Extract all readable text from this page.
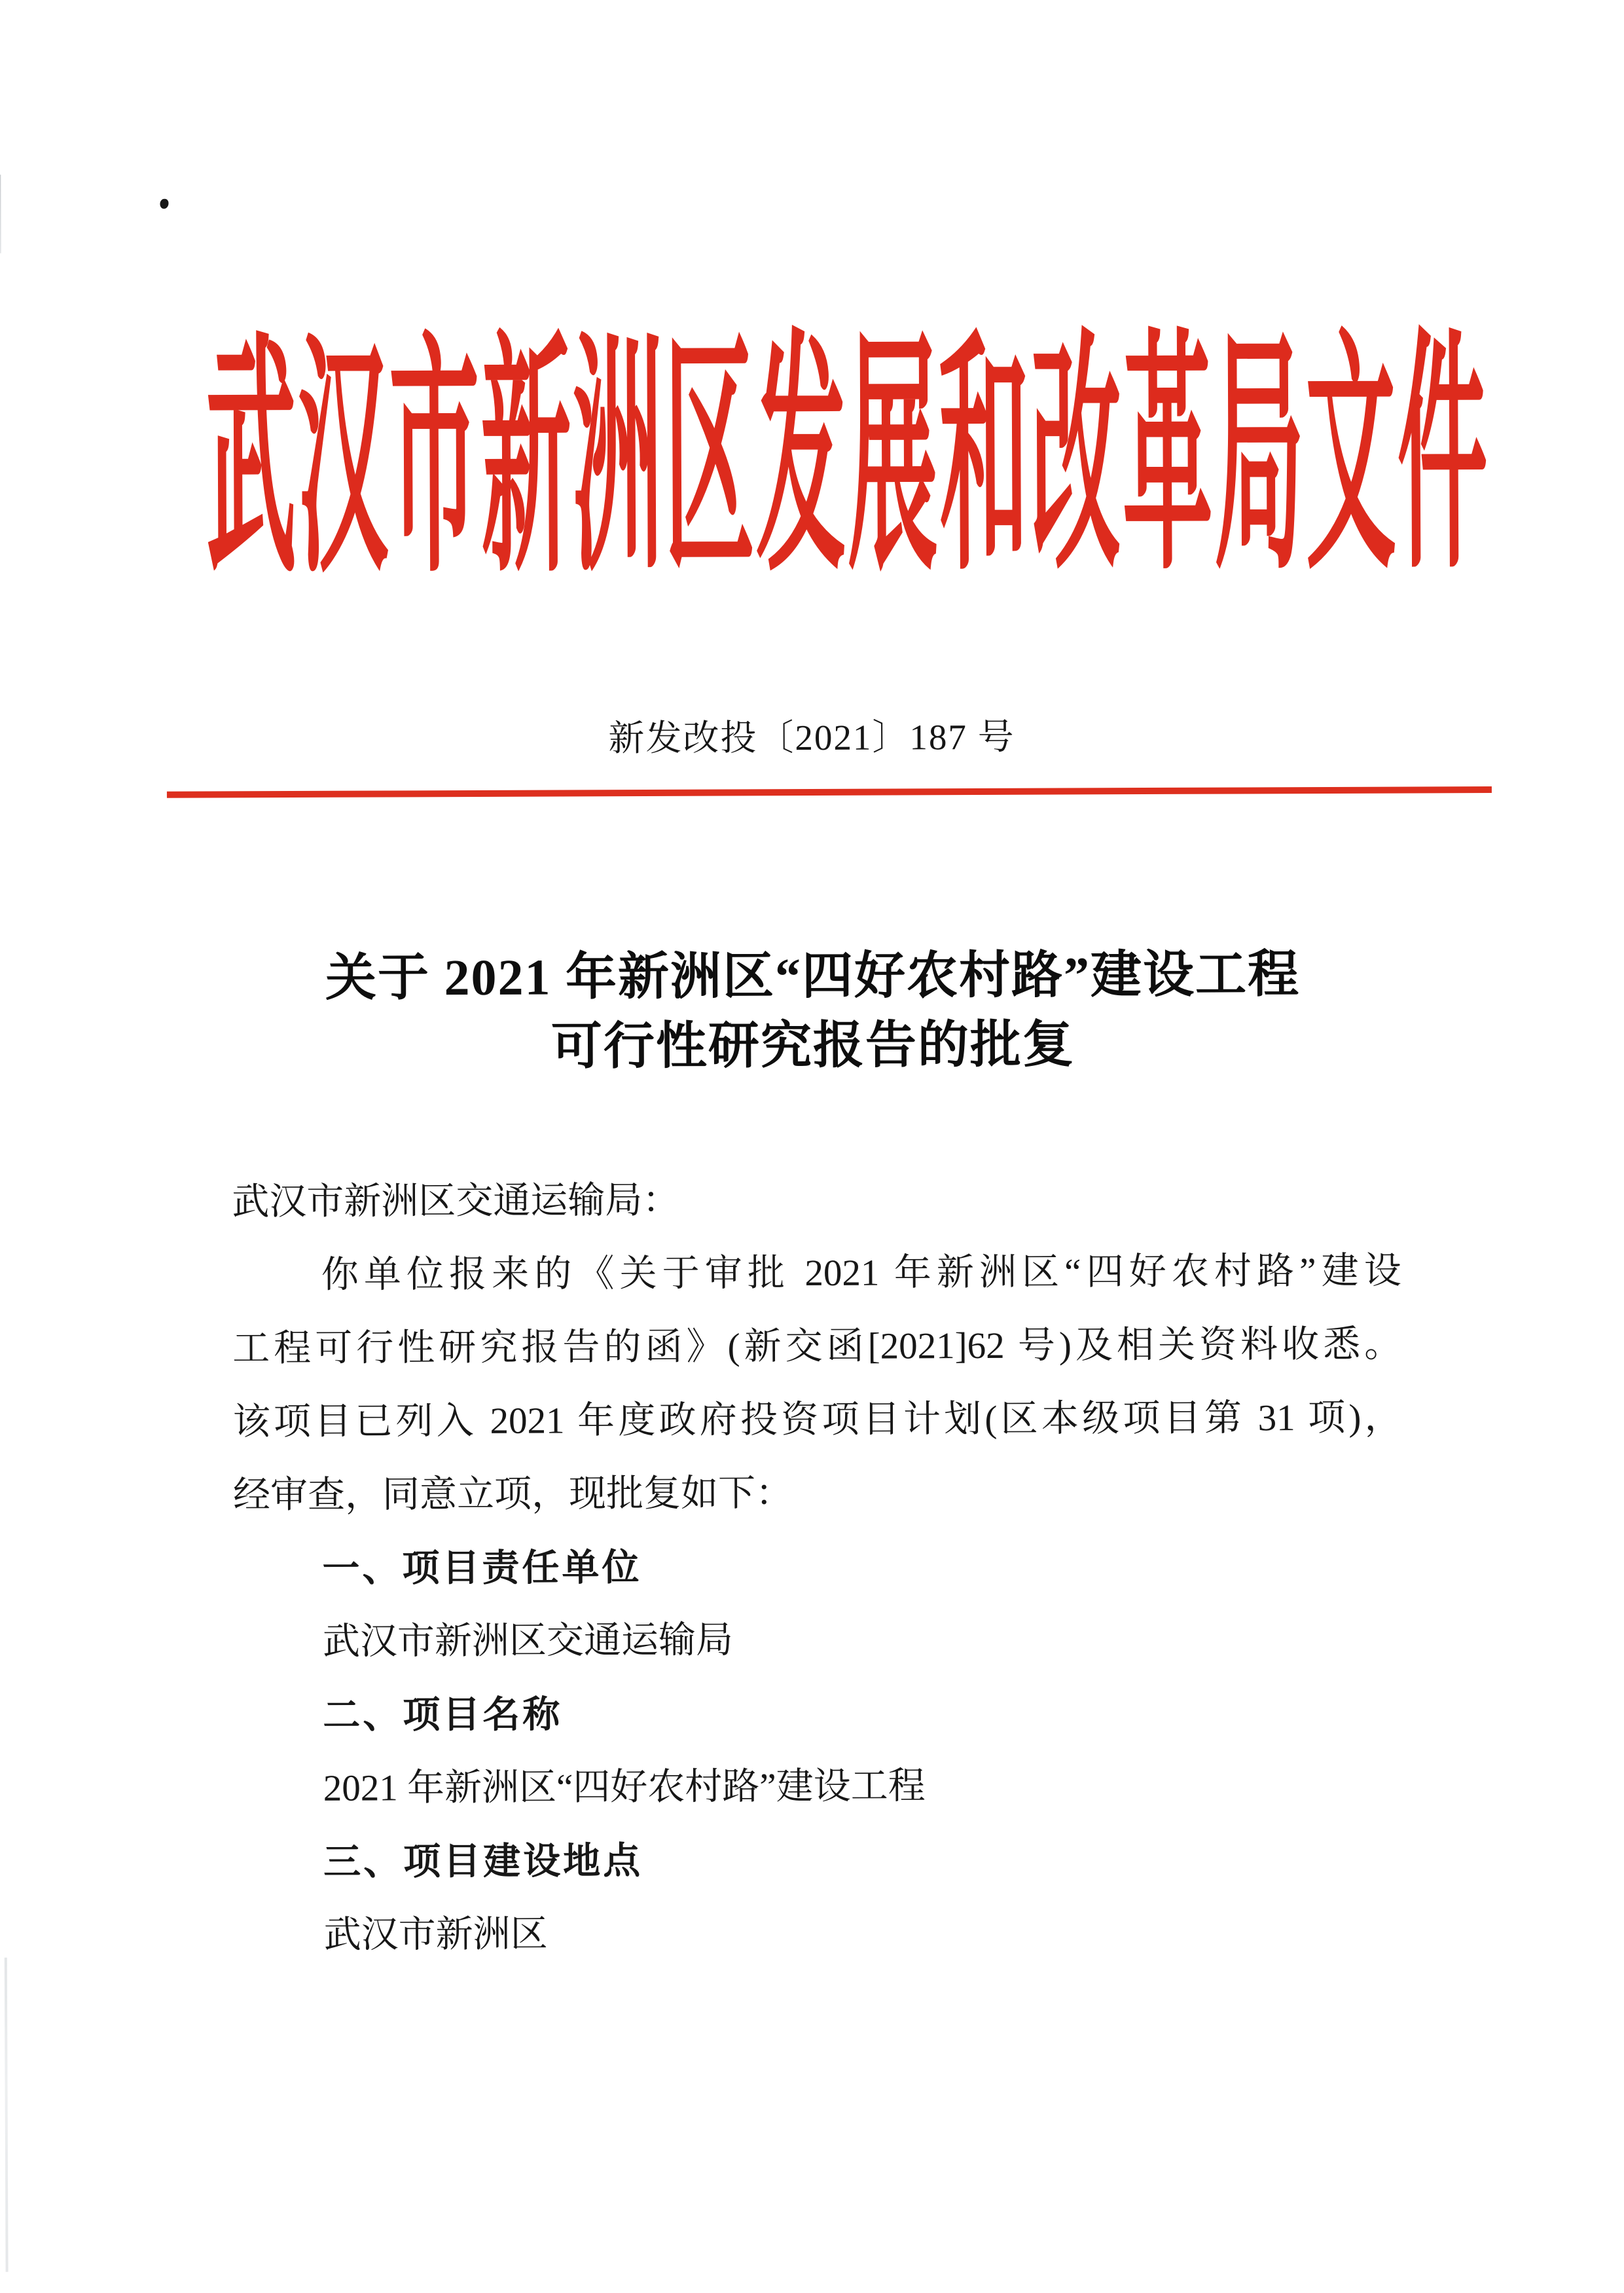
武汉市新洲区发展和改革局文件
新发改投〔2021〕187 号
关于 2021 年新洲区“四好农村路”建设工程
可行性研究报告的批复
武汉市新洲区交通运输局：
你单位报来的《关于审批 2021 年新洲区“四好农村路”建设
工程可行性研究报告的函》(新交函[2021]62 号)及相关资料收悉。
该项目已列入 2021 年度政府投资项目计划(区本级项目第 31 项)，
经审查，同意立项，现批复如下：
一、项目责任单位
武汉市新洲区交通运输局
二、项目名称
2021 年新洲区“四好农村路”建设工程
三、项目建设地点
武汉市新洲区
